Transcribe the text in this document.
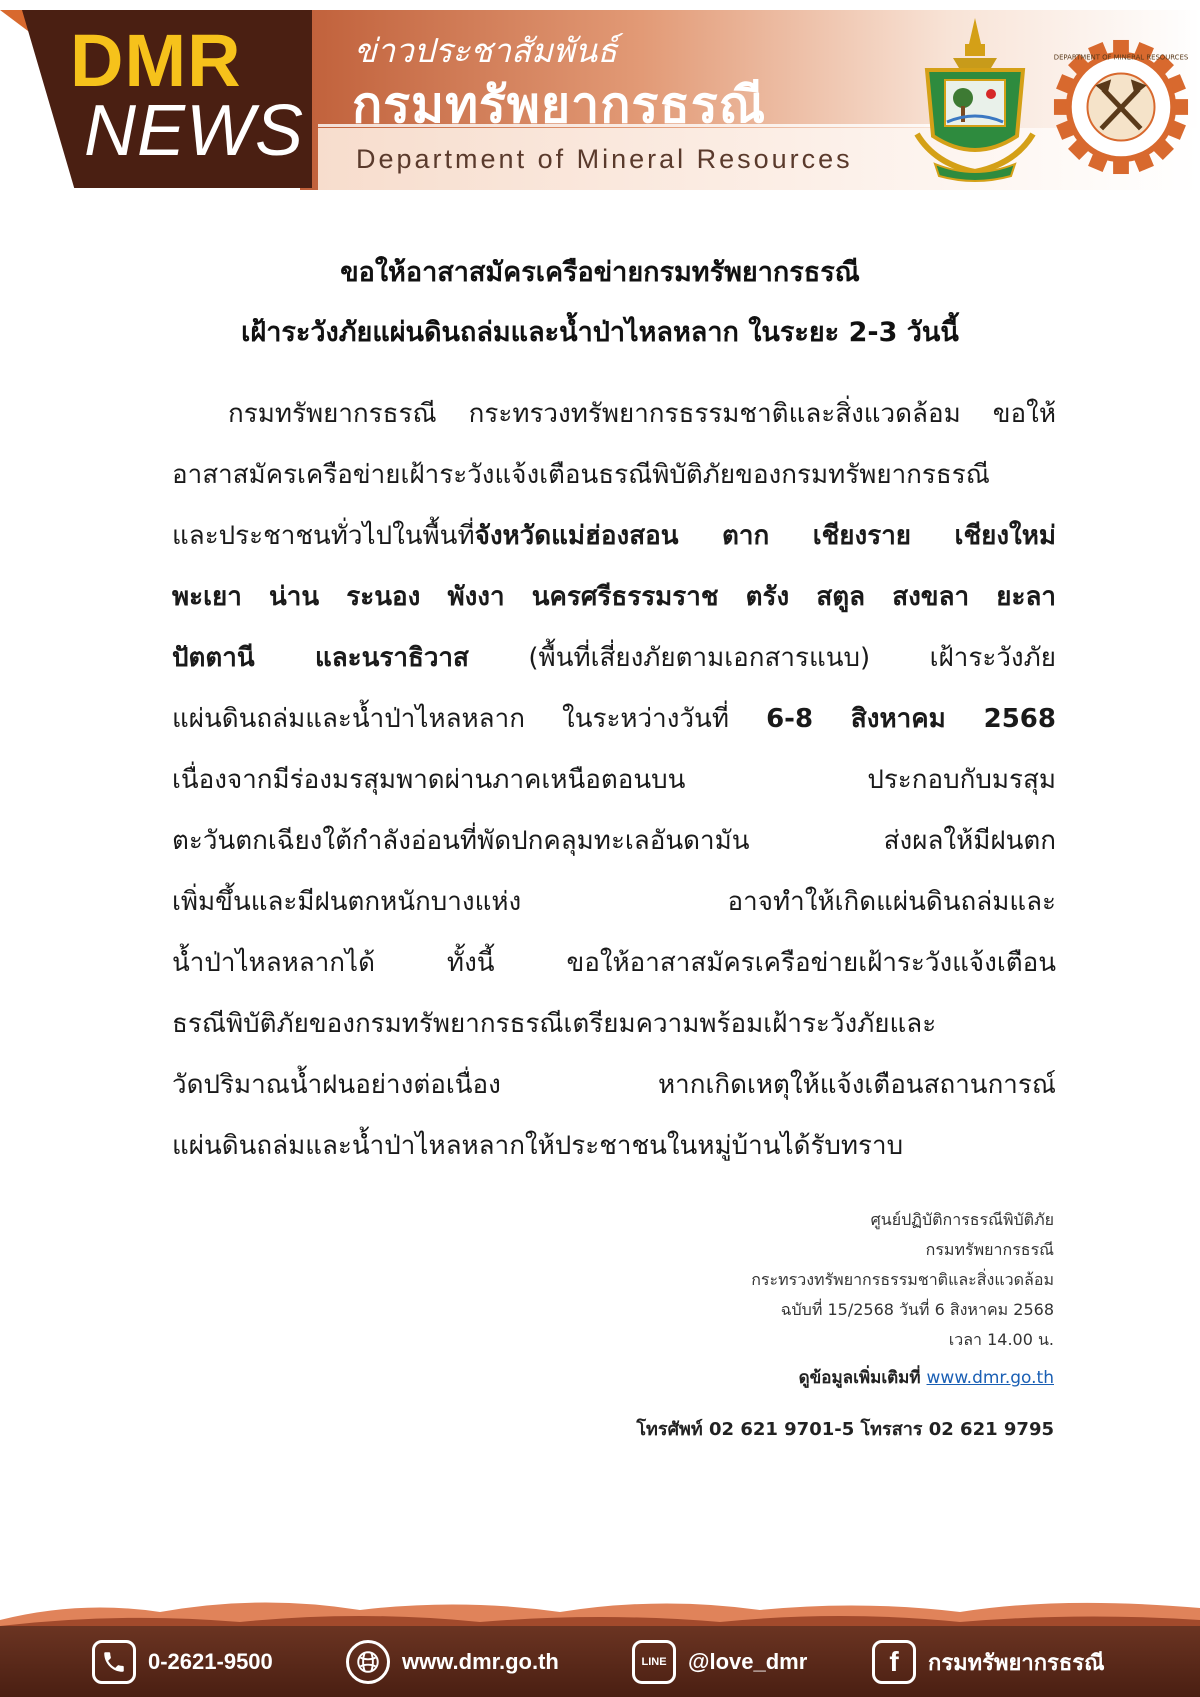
DMR
NEWS
ข่าวประชาสัมพันธ์
กรมทรัพยากรธรณี
Department of Mineral Resources
DEPARTMENT OF MINERAL RESOURCES
ขอให้อาสาสมัครเครือข่ายกรมทรัพยากรธรณี
เฝ้าระวังภัยแผ่นดินถล่มและน้ำป่าไหลหลาก ในระยะ 2-3 วันนี้
กรมทรัพยากรธรณี กระทรวงทรัพยากรธรรมชาติและสิ่งแวดล้อม ขอให้
อาสาสมัครเครือข่ายเฝ้าระวังแจ้งเตือนธรณีพิบัติภัยของกรมทรัพยากรธรณี
และประชาชนทั่วไปในพื้นที่จังหวัดแม่ฮ่องสอน ตาก เชียงราย เชียงใหม่
พะเยา น่าน ระนอง พังงา นครศรีธรรมราช ตรัง สตูล สงขลา ยะลา
ปัตตานี และนราธิวาส (พื้นที่เสี่ยงภัยตามเอกสารแนบ) เฝ้าระวังภัย
แผ่นดินถล่มและน้ำป่าไหลหลาก ในระหว่างวันที่ 6-8 สิงหาคม 2568
เนื่องจากมีร่องมรสุมพาดผ่านภาคเหนือตอนบน ประกอบกับมรสุม
ตะวันตกเฉียงใต้กำลังอ่อนที่พัดปกคลุมทะเลอันดามัน ส่งผลให้มีฝนตก
เพิ่มขึ้นและมีฝนตกหนักบางแห่ง อาจทำให้เกิดแผ่นดินถล่มและ
น้ำป่าไหลหลากได้ ทั้งนี้ ขอให้อาสาสมัครเครือข่ายเฝ้าระวังแจ้งเตือน
ธรณีพิบัติภัยของกรมทรัพยากรธรณีเตรียมความพร้อมเฝ้าระวังภัยและ
วัดปริมาณน้ำฝนอย่างต่อเนื่อง หากเกิดเหตุให้แจ้งเตือนสถานการณ์
แผ่นดินถล่มและน้ำป่าไหลหลากให้ประชาชนในหมู่บ้านได้รับทราบ
ศูนย์ปฏิบัติการธรณีพิบัติภัย
กรมทรัพยากรธรณี
กระทรวงทรัพยากรธรรมชาติและสิ่งแวดล้อม
ฉบับที่ 15/2568 วันที่ 6 สิงหาคม 2568
เวลา 14.00 น.
ดูข้อมูลเพิ่มเติมที่ www.dmr.go.th
โทรศัพท์ 02 621 9701-5 โทรสาร 02 621 9795
0-2621-9500	www.dmr.go.th	LINE @love_dmr	f กรมทรัพยากรธรณี
